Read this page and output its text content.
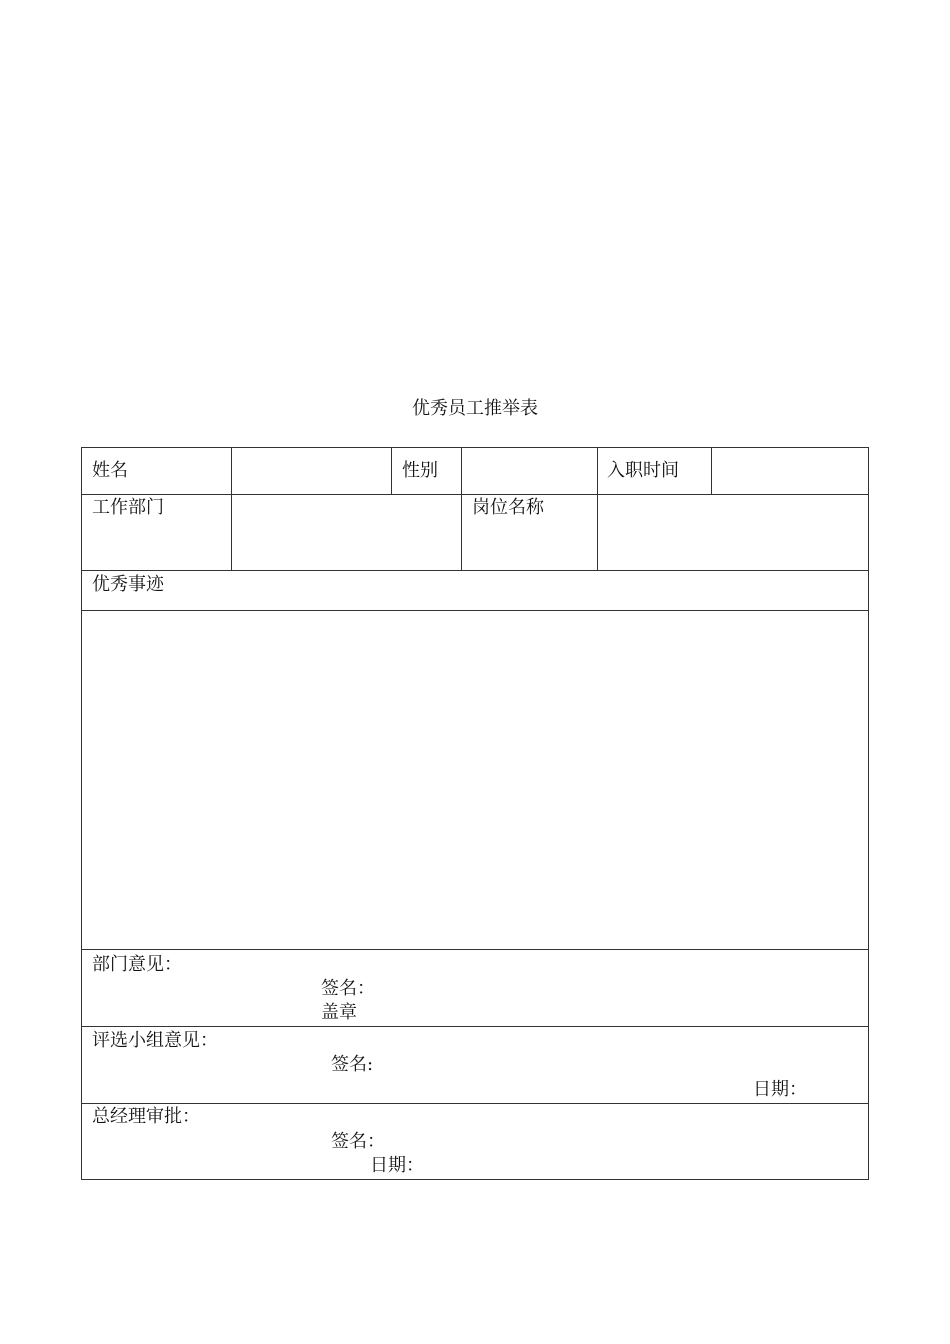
优秀员工推举表
姓名	性别	入职时间
工作部门	岗位名称
优秀事迹
部门意见：
签名：
盖章
评选小组意见：
签名:
日期：
总经理审批：
签名：
日期：
